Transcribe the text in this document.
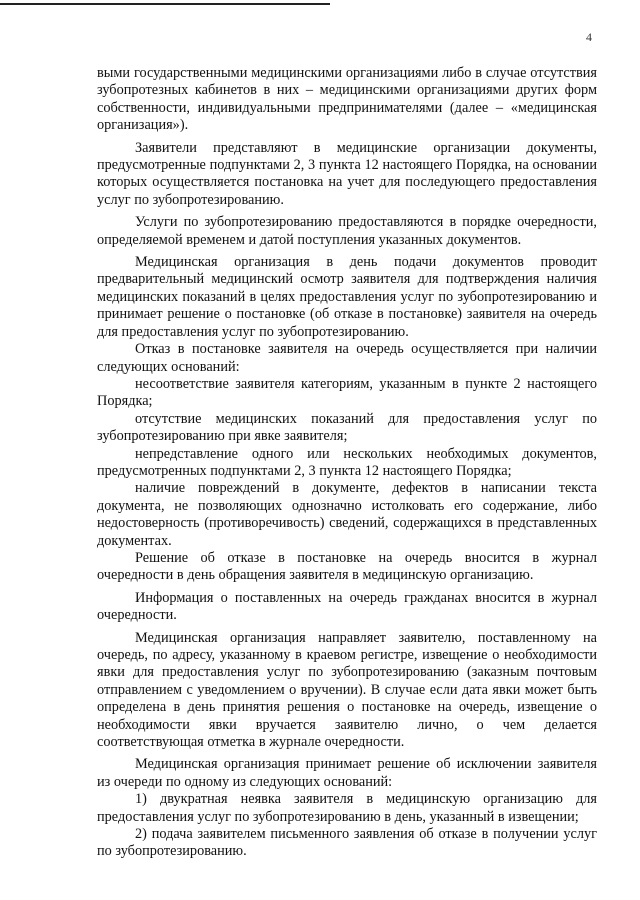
4

выми государственными медицинскими организациями либо в случае отсутствия зубопротезных кабинетов в них – медицинскими организациями других форм собственности, индивидуальными предпринимателями (далее – «медицинская организация»).

Заявители представляют в медицинские организации документы, предусмотренные подпунктами 2, 3 пункта 12 настоящего Порядка, на основании которых осуществляется постановка на учет для последующего предоставления услуг по зубопротезированию.

Услуги по зубопротезированию предоставляются в порядке очередности, определяемой временем и датой поступления указанных документов.

Медицинская организация в день подачи документов проводит предварительный медицинский осмотр заявителя для подтверждения наличия медицинских показаний в целях предоставления услуг по зубопротезированию и принимает решение о постановке (об отказе в постановке) заявителя на очередь для предоставления услуг по зубопротезированию.

Отказ в постановке заявителя на очередь осуществляется при наличии следующих оснований:

несоответствие заявителя категориям, указанным в пункте 2 настоящего Порядка;

отсутствие медицинских показаний для предоставления услуг по зубопротезированию при явке заявителя;

непредставление одного или нескольких необходимых документов, предусмотренных подпунктами 2, 3 пункта 12 настоящего Порядка;

наличие повреждений в документе, дефектов в написании текста документа, не позволяющих однозначно истолковать его содержание, либо недостоверность (противоречивость) сведений, содержащихся в представленных документах.

Решение об отказе в постановке на очередь вносится в журнал очередности в день обращения заявителя в медицинскую организацию.

Информация о поставленных на очередь гражданах вносится в журнал очередности.

Медицинская организация направляет заявителю, поставленному на очередь, по адресу, указанному в краевом регистре, извещение о необходимости явки для предоставления услуг по зубопротезированию (заказным почтовым отправлением с уведомлением о вручении). В случае если дата явки может быть определена в день принятия решения о постановке на очередь, извещение о необходимости явки вручается заявителю лично, о чем делается соответствующая отметка в журнале очередности.

Медицинская организация принимает решение об исключении заявителя из очереди по одному из следующих оснований:

1) двукратная неявка заявителя в медицинскую организацию для предоставления услуг по зубопротезированию в день, указанный в извещении;

2) подача заявителем письменного заявления об отказе в получении услуг по зубопротезированию.
